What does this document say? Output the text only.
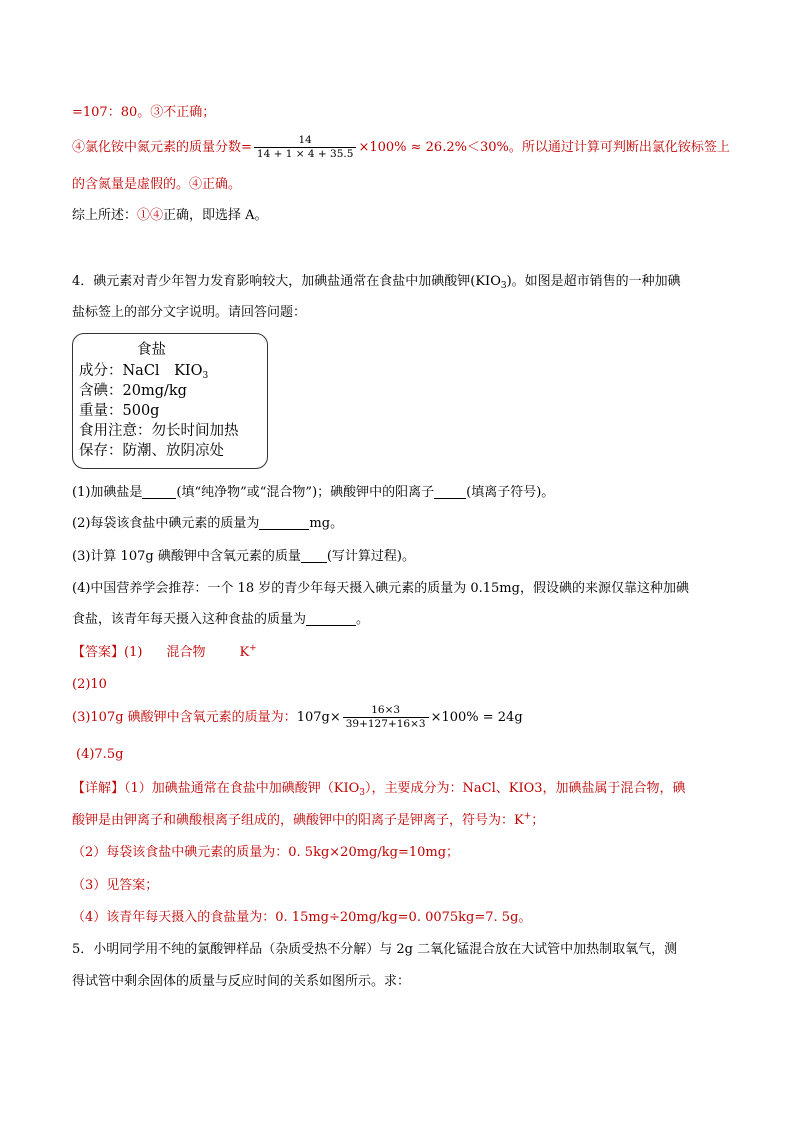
=107：80。③不正确；
④氯化铵中氮元素的质量分数= $\frac{14}{14 + 1 \times 4 + 35.5} \times 100\% \approx 26.2\%<30\%$。所以通过计算可判断出氯化铵标签上
的含氮量是虚假的。④正确。
综上所述：①④正确，即选择 A。
4．碘元素对青少年智力发育影响较大，加碘盐通常在食盐中加碘酸钾$(KIO_3)$。如图是超市销售的一种加碘
盐标签上的部分文字说明。请回答问题：
食盐
成分：NaCl　$KIO_3$
含碘：20mg/kg
重量：500g
食用注意：勿长时间加热
保存：防潮、放阴凉处
(1)加碘盐是	(填“纯净物”或“混合物”)；碘酸钾中的阳离子 (填离子符号)。
(2)每袋该食盐中碘元素的质量为	mg。
(3)计算 107g 碘酸钾中含氧元素的质量 (写计算过程)。
(4)中国营养学会推荐：一个 18 岁的青少年每天摄入碘元素的质量为 0.15mg，假设碘的来源仅靠这种加碘
食盐，该青年每天摄入这种食盐的质量为	。
【答案】(1) 混合物	K+
(2)10
(3)107g 碘酸钾中含氧元素的质量为：$107g\times \frac{16\times 3}{39+127+16\times 3} \times 100\% = 24g$
(4)7.5g
【详解】（1）加碘盐通常在食盐中加碘酸钾$(KIO_3)$，主要成分为：NaCl、KIO3，加碘盐属于混合物，碘
酸钾是由钾离子和碘酸根离子组成的，碘酸钾中的阳离子是钾离子，符号为：K+；
（2）每袋该食盐中碘元素的质量为：0. 5kg×20mg/kg=10mg；
（3）见答案；
（4）该青年每天摄入的食盐量为：0. 15mg÷20mg/kg=0. 0075kg=7. 5g。
5．小明同学用不纯的氯酸钾样品（杂质受热不分解）与 2g 二氧化锰混合放在大试管中加热制取氧气，测
得试管中剩余固体的质量与反应时间的关系如图所示。求：
